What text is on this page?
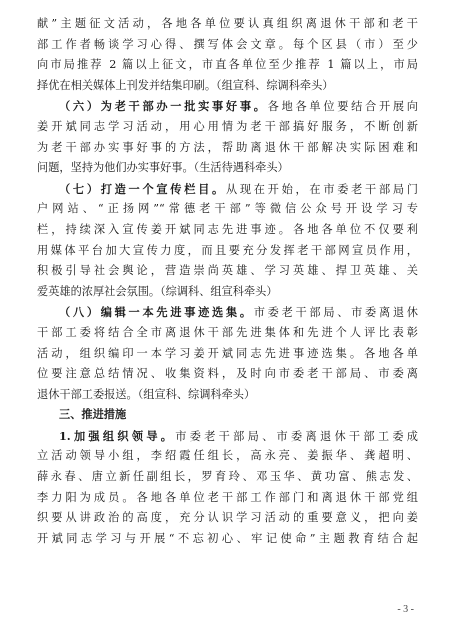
献”主题征文活动，各地各单位要认真组织离退休干部和老干
部工作者畅谈学习心得、撰写体会文章。每个区县（市）至少
向市局推荐 2 篇以上征文，市直各单位至少推荐 1 篇以上，市局
择优在相关媒体上刊发并结集印刷。（组宣科、综调科牵头）
（六）为老干部办一批实事好事。各地各单位要结合开展向
姜开斌同志学习活动，用心用情为老干部搞好服务，不断创新
为老干部办实事好事的方法，帮助离退休干部解决实际困难和
问题，坚持为他们办实事好事。（生活待遇科牵头）
（七）打造一个宣传栏目。从现在开始，在市委老干部局门
户网站、“正扬网”“常德老干部”等微信公众号开设学习专
栏，持续深入宣传姜开斌同志先进事迹。各地各单位不仅要利
用媒体平台加大宣传力度，而且要充分发挥老干部网宣员作用，
积极引导社会舆论，营造崇尚英雄、学习英雄、捍卫英雄、关
爱英雄的浓厚社会氛围。（综调科、组宣科牵头）
（八）编辑一本先进事迹选集。市委老干部局、市委离退休
干部工委将结合全市离退休干部先进集体和先进个人评比表彰
活动，组织编印一本学习姜开斌同志先进事迹选集。各地各单
位要注意总结情况、收集资料，及时向市委老干部局、市委离
退休干部工委报送。（组宣科、综调科牵头）
三、推进措施
1.加强组织领导。市委老干部局、市委离退休干部工委成
立活动领导小组，李绍霞任组长，高永亮、姜振华、龚超明、
薛永春、唐立新任副组长，罗育玲、邓玉华、黄功富、熊志发、
李力阳为成员。各地各单位老干部工作部门和离退休干部党组
织要从讲政治的高度，充分认识学习活动的重要意义，把向姜
开斌同志学习与开展“不忘初心、牢记使命”主题教育结合起
- 3 -
